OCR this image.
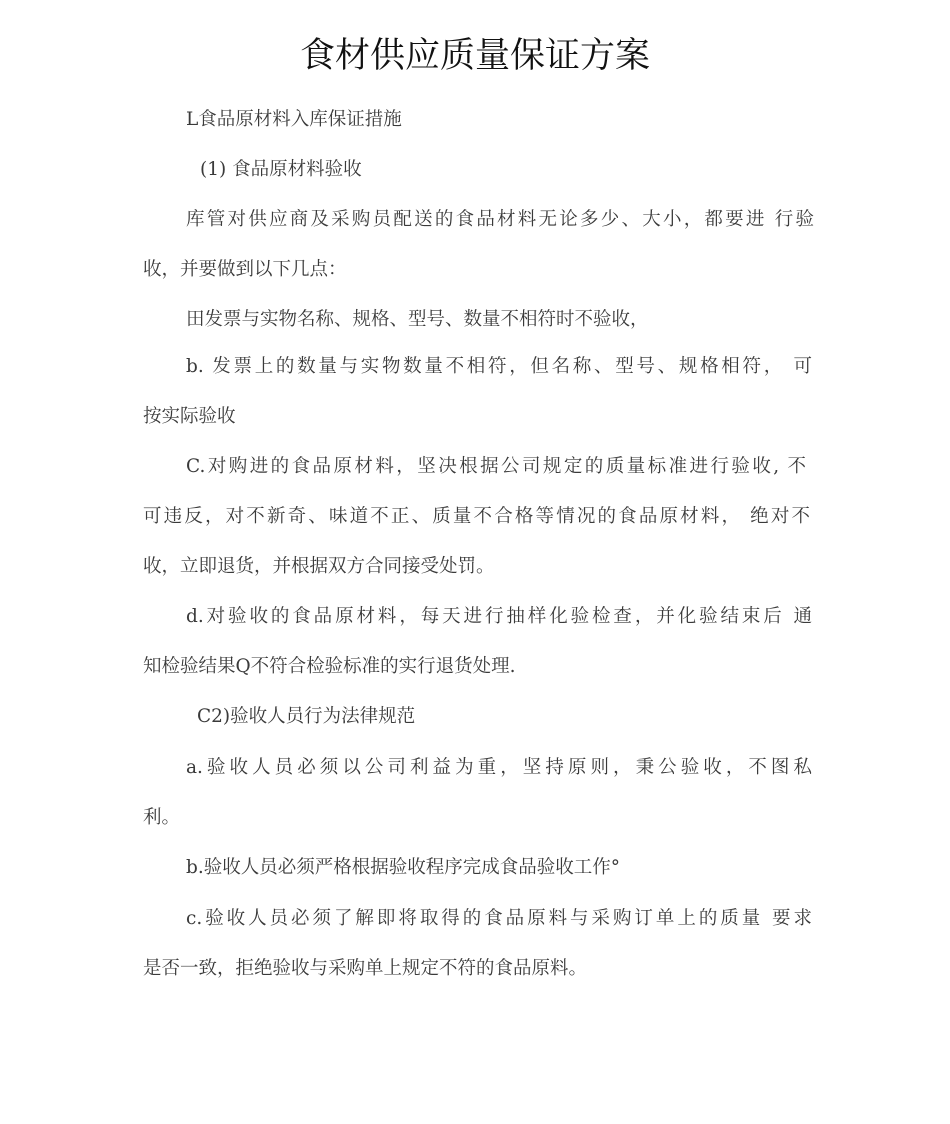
食材供应质量保证方案
L食品原材料入库保证措施
(1) 食品原材料验收
库管对供应商及采购员配送的食品材料无论多少、大小，都要进 行验
收，并要做到以下几点：
田发票与实物名称、规格、型号、数量不相符时不验收，
b. 发票上的数量与实物数量不相符，但名称、型号、规格相符， 可
按实际验收
C.对购进的食品原材料，坚决根据公司规定的质量标准进行验收, 不
可违反，对不新奇、味道不正、质量不合格等情况的食品原材料， 绝对不
收，立即退货，并根据双方合同接受处罚。
d.对验收的食品原材料，每天进行抽样化验检查，并化验结束后 通
知检验结果Q不符合检验标准的实行退货处理.
C2)验收人员行为法律规范
a.验收人员必须以公司利益为重，坚持原则，秉公验收，不图私
利。
b.验收人员必须严格根据验收程序完成食品验收工作°
c.验收人员必须了解即将取得的食品原料与采购订单上的质量 要求
是否一致，拒绝验收与采购单上规定不符的食品原料。
